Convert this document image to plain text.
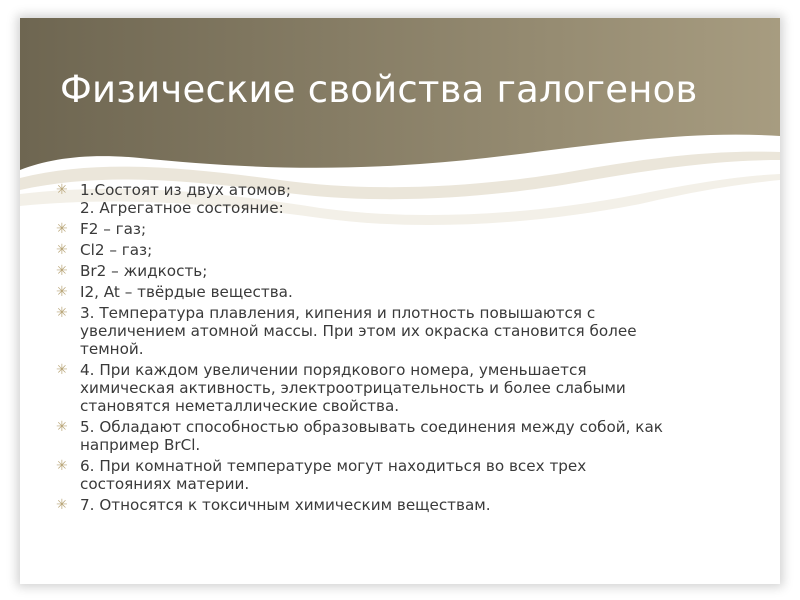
Физические свойства галогенов
✳ 1.Состоят из двух атомов;
2. Агрегатное состояние:
✳ F2 – газ;
✳ Cl2 – газ;
✳ Br2 – жидкость;
✳ I2, At – твёрдые вещества.
✳ 3. Температура плавления, кипения и плотность повышаются с
увеличением атомной массы. При этом их окраска становится более
темной.
✳ 4. При каждом увеличении порядкового номера, уменьшается
химическая активность, электроотрицательность и более слабыми
становятся неметаллические свойства.
✳ 5. Обладают способностью образовывать соединения между собой, как
например BrCl.
✳ 6. При комнатной температуре могут находиться во всех трех
состояниях материи.
✳ 7. Относятся к токсичным химическим веществам.
